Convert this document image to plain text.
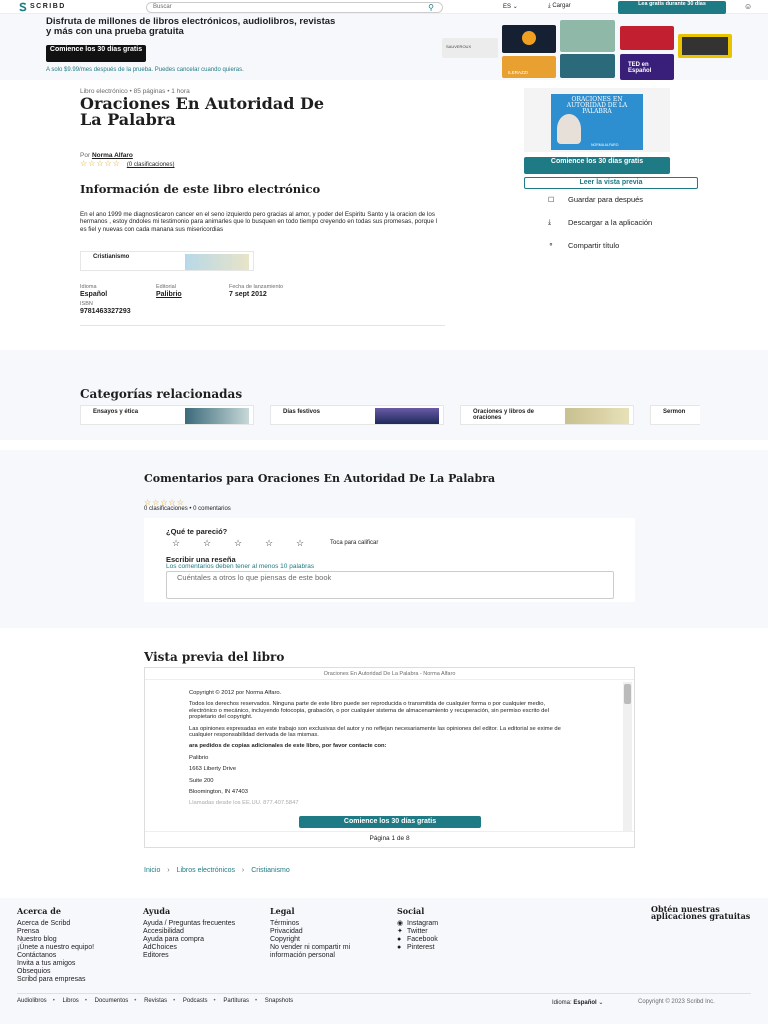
SCRIBD	Buscar	⚲	ES ⌄	⤓ Cargar	Lea gratis durante 30 días	☺
Disfruta de millones de libros electrónicos, audiolibros, revistas y más con una prueba gratuita
Comience los 30 días gratis
A solo $9.99/mes después de la prueba. Puedes cancelar cuando quieras.
SAUVEROUX
ILERAZZI
TED en Español
Libro electrónico • 85 páginas • 1 hora
Oraciones En Autoridad De La Palabra
Por Norma Alfaro
☆☆☆☆☆ (0 clasificaciones)
Información de este libro electrónico
En el ano 1999 me diagnosticaron cancer en el seno izquierdo pero gracias al amor, y poder del Espiritu Santo y la oracion de los hermanos , estoy dndoles mi testimonio para animarles que lo busquen en todo tiempo creyendo en todas sus promesas, porque l es fiel y nuevas con cada manana sus misericordias
Cristianismo
Idioma
Español
Editorial
Palibrio
Fecha de lanzamiento
7 sept 2012
ISBN
9781463327293
ORACIONES EN AUTORIDAD DE LA PALABRA
NORMA ALFARO
Comience los 30 días gratis
Leer la vista previa
☐ Guardar para después
⤓ Descargar a la aplicación
⚬ Compartir título
Categorías relacionadas
Ensayos y ética	Días festivos	Oraciones y libros de oraciones
Sermon
Comentarios para Oraciones En Autoridad De La Palabra
☆☆☆☆☆
0 clasificaciones • 0 comentarios
¿Qué te pareció?
☆	☆	☆	☆	☆	Toca para calificar
Escribir una reseña
Los comentarios deben tener al menos 10 palabras
Cuéntales a otros lo que piensas de este book
Vista previa del libro
Oraciones En Autoridad De La Palabra - Norma Alfaro
Copyright © 2012 por Norma Alfaro.
Todos los derechos reservados. Ninguna parte de este libro puede ser reproducida o transmitida de cualquier forma o por cualquier medio, electrónico o mecánico, incluyendo fotocopia, grabación, o por cualquier sistema de almacenamiento y recuperación, sin permiso escrito del propietario del copyright.
Las opiniones expresadas en este trabajo son exclusivas del autor y no reflejan necesariamente las opiniones del editor. La editorial se exime de cualquier responsabilidad derivada de las mismas.
ara pedidos de copias adicionales de este libro, por favor contacte con:
Palibrio
1663 Liberty Drive
Suite 200
Bloomington, IN 47403
Llamadas desde los EE.UU. 877.407.5847
Comience los 30 días gratis
Página 1 de 8
Inicio › Libros electrónicos › Cristianismo
Acerca de
Acerca de Scribd
Prensa
Nuestro blog
¡Únete a nuestro equipo!
Contáctanos
Invita a tus amigos
Obsequios
Scribd para empresas
Ayuda
Ayuda / Preguntas frecuentes
Accesibilidad
Ayuda para compra
AdChoices
Editores
Legal
Términos
Privacidad
Copyright
No vender ni compartir mi información personal
Social
◉ Instagram
✦ Twitter
● Facebook
● Pinterest
Obtén nuestras aplicaciones gratuitas
Audiolibros • Libros • Documentos • Revistas • Podcasts • Partituras • Snapshots	Idioma: Español ⌄	Copyright © 2023 Scribd Inc.
